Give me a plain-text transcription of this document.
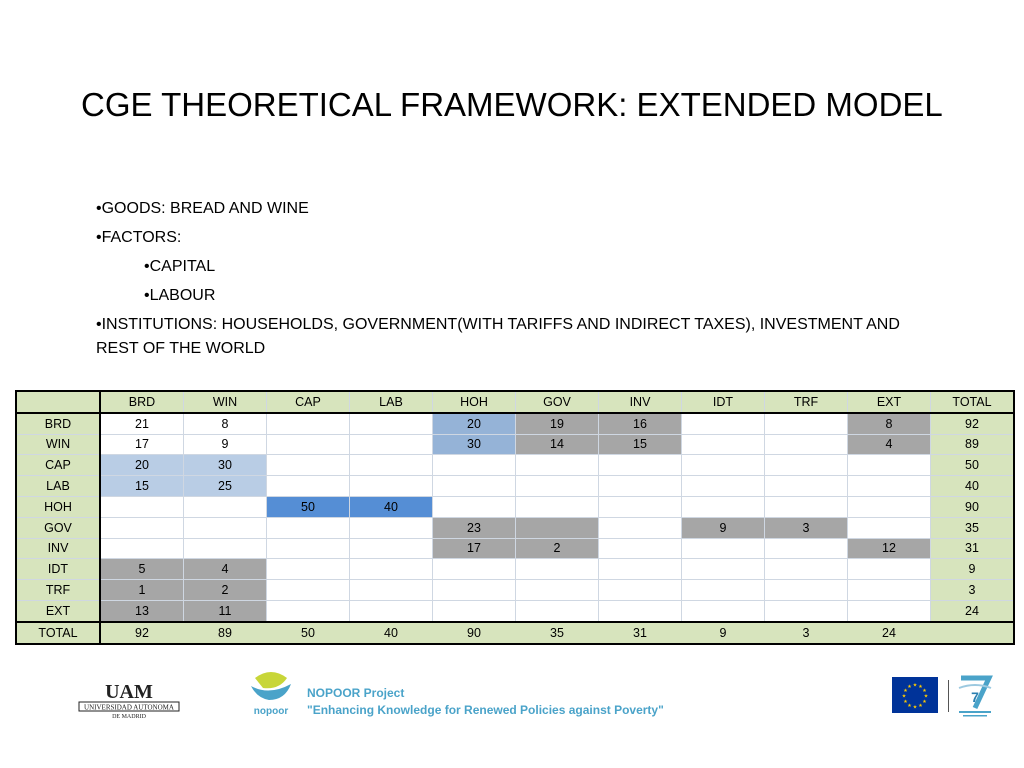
CGE THEORETICAL FRAMEWORK: EXTENDED MODEL
•GOODS: BREAD AND WINE
•FACTORS:
•CAPITAL
•LABOUR
•INSTITUTIONS: HOUSEHOLDS, GOVERNMENT(WITH TARIFFS AND INDIRECT TAXES), INVESTMENT AND REST OF THE WORLD
	BRD	WIN	CAP	LAB	HOH	GOV	INV	IDT	TRF	EXT	TOTAL
BRD	21	8			20	19	16			8	92
WIN	17	9			30	14	15			4	89
CAP	20	30									50
LAB	15	25									40
HOH			50	40							90
GOV					23			9	3		35
INV					17	2				12	31
IDT	5	4									9
TRF	1	2									3
EXT	13	11									24
TOTAL	92	89	50	40	90	35	31	9	3	24	
UAM
UNIVERSIDAD AUTONOMA
DE MADRID	nopoor
NOPOOR Project
"Enhancing Knowledge for Renewed Policies against Poverty"
★
★
★
★
★
★
★
★
★ ★ ★
★	7
